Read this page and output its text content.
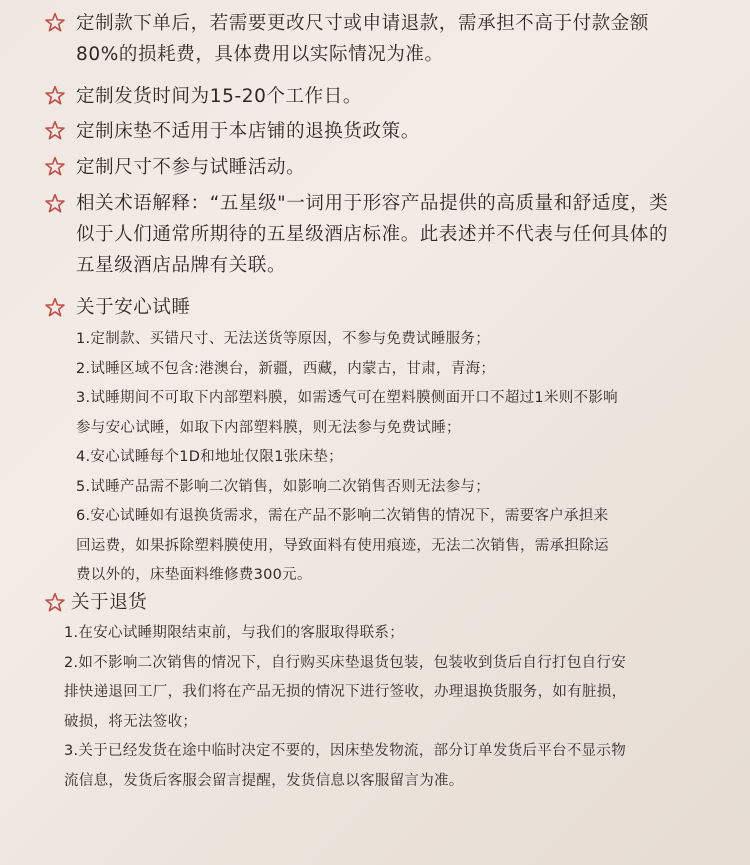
定制款下单后，若需要更改尺寸或申请退款，需承担不高于付款金额
80%的损耗费，具体费用以实际情况为准。
定制发货时间为15-20个工作日。
定制床垫不适用于本店铺的退换货政策。
定制尺寸不参与试睡活动。
相关术语解释：“五星级"一词用于形容产品提供的高质量和舒适度，类
似于人们通常所期待的五星级酒店标准。此表述并不代表与任何具体的
五星级酒店品牌有关联。
关于安心试睡
1.定制款、买错尺寸、无法送货等原因，不参与免费试睡服务；
2.试睡区域不包含:港澳台，新疆，西藏，内蒙古，甘肃，青海；
3.试睡期间不可取下内部塑料膜，如需透气可在塑料膜侧面开口不超过1米则不影响
参与安心试睡，如取下内部塑料膜，则无法参与免费试睡；
4.安心试睡每个1D和地址仅限1张床垫；
5.试睡产品需不影响二次销售，如影响二次销售否则无法参与；
6.安心试睡如有退换货需求，需在产品不影响二次销售的情况下，需要客户承担来
回运费，如果拆除塑料膜使用，导致面料有使用痕迹，无法二次销售，需承担除运
费以外的，床垫面料维修费300元。
关于退货
1.在安心试睡期限结束前，与我们的客服取得联系；
2.如不影响二次销售的情况下，自行购买床垫退货包装，包装收到货后自行打包自行安
排快递退回工厂，我们将在产品无损的情况下进行签收，办理退换货服务，如有脏损，
破损，将无法签收；
3.关于已经发货在途中临时决定不要的，因床垫发物流，部分订单发货后平台不显示物
流信息，发货后客服会留言提醒，发货信息以客服留言为准。
